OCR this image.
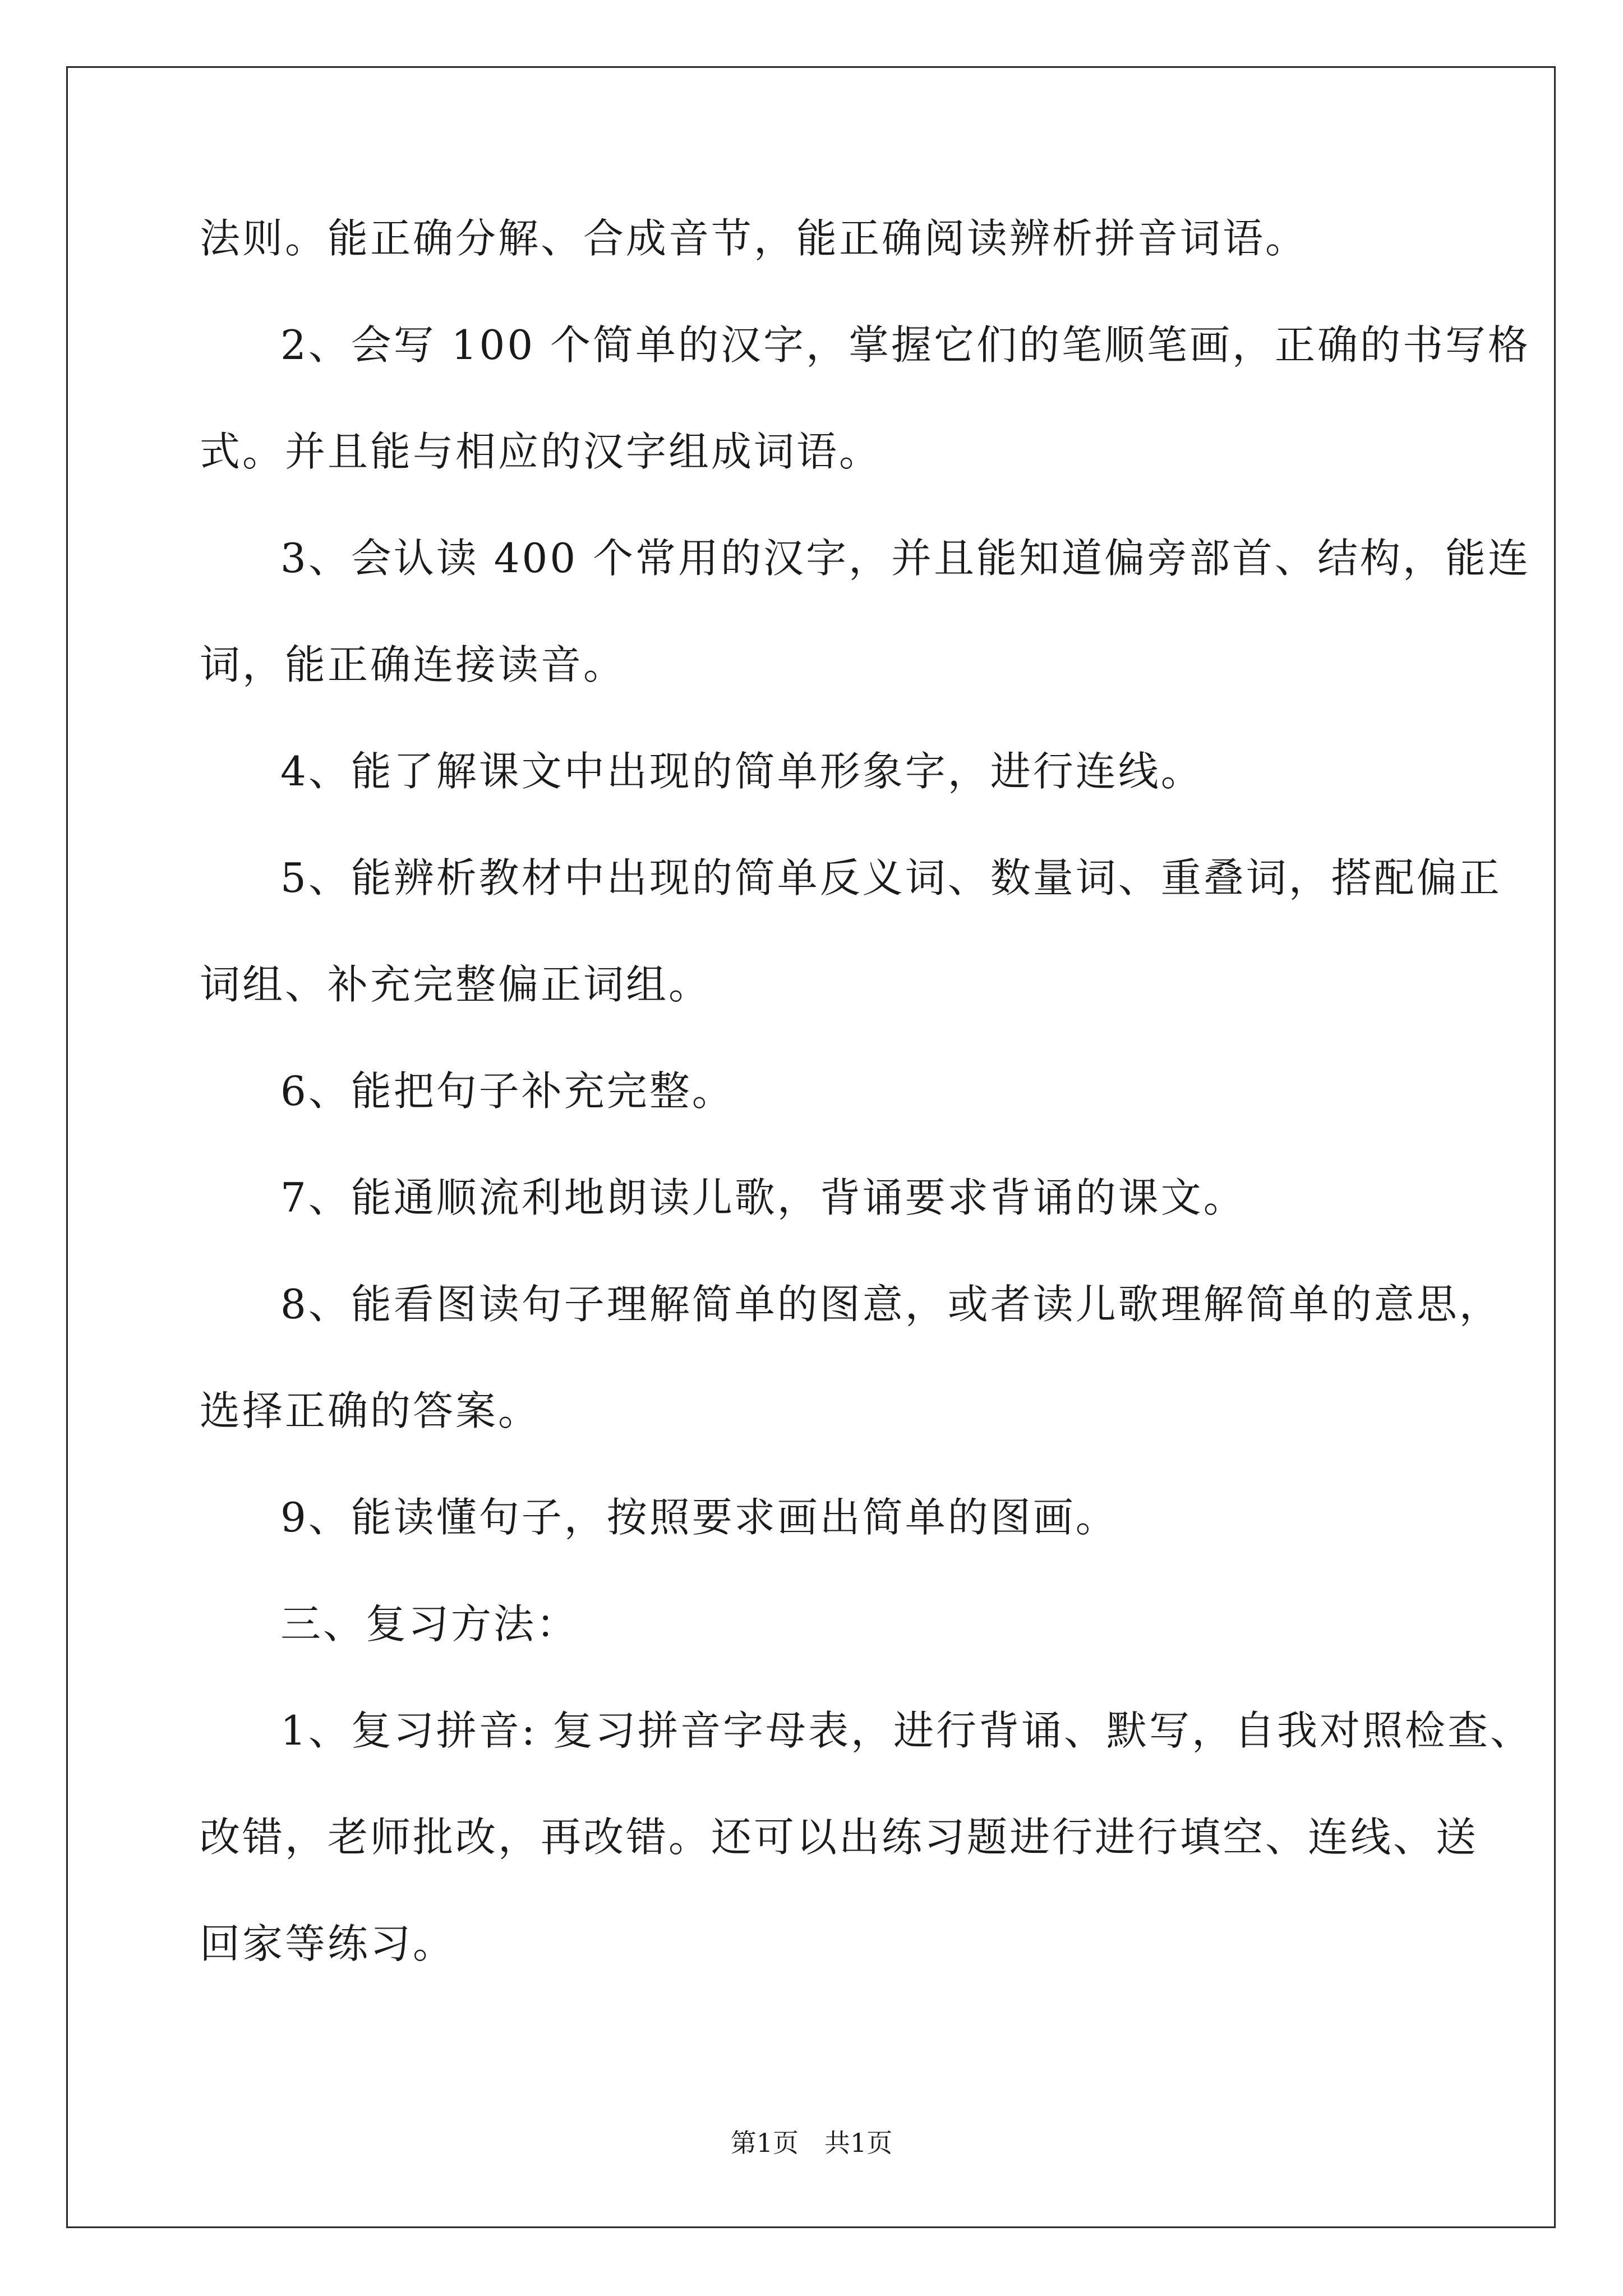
法则。能正确分解、合成音节，能正确阅读辨析拼音词语。
2、会写 100 个简单的汉字，掌握它们的笔顺笔画，正确的书写格
式。并且能与相应的汉字组成词语。
3、会认读 400 个常用的汉字，并且能知道偏旁部首、结构，能连
词，能正确连接读音。
4、能了解课文中出现的简单形象字，进行连线。
5、能辨析教材中出现的简单反义词、数量词、重叠词，搭配偏正
词组、补充完整偏正词组。
6、能把句子补充完整。
7、能通顺流利地朗读儿歌，背诵要求背诵的课文。
8、能看图读句子理解简单的图意，或者读儿歌理解简单的意思，
选择正确的答案。
9、能读懂句子，按照要求画出简单的图画。
三、复习方法：
1、复习拼音: 复习拼音字母表，进行背诵、默写，自我对照检查、
改错，老师批改，再改错。还可以出练习题进行进行填空、连线、送
回家等练习。
第1页　共1页
